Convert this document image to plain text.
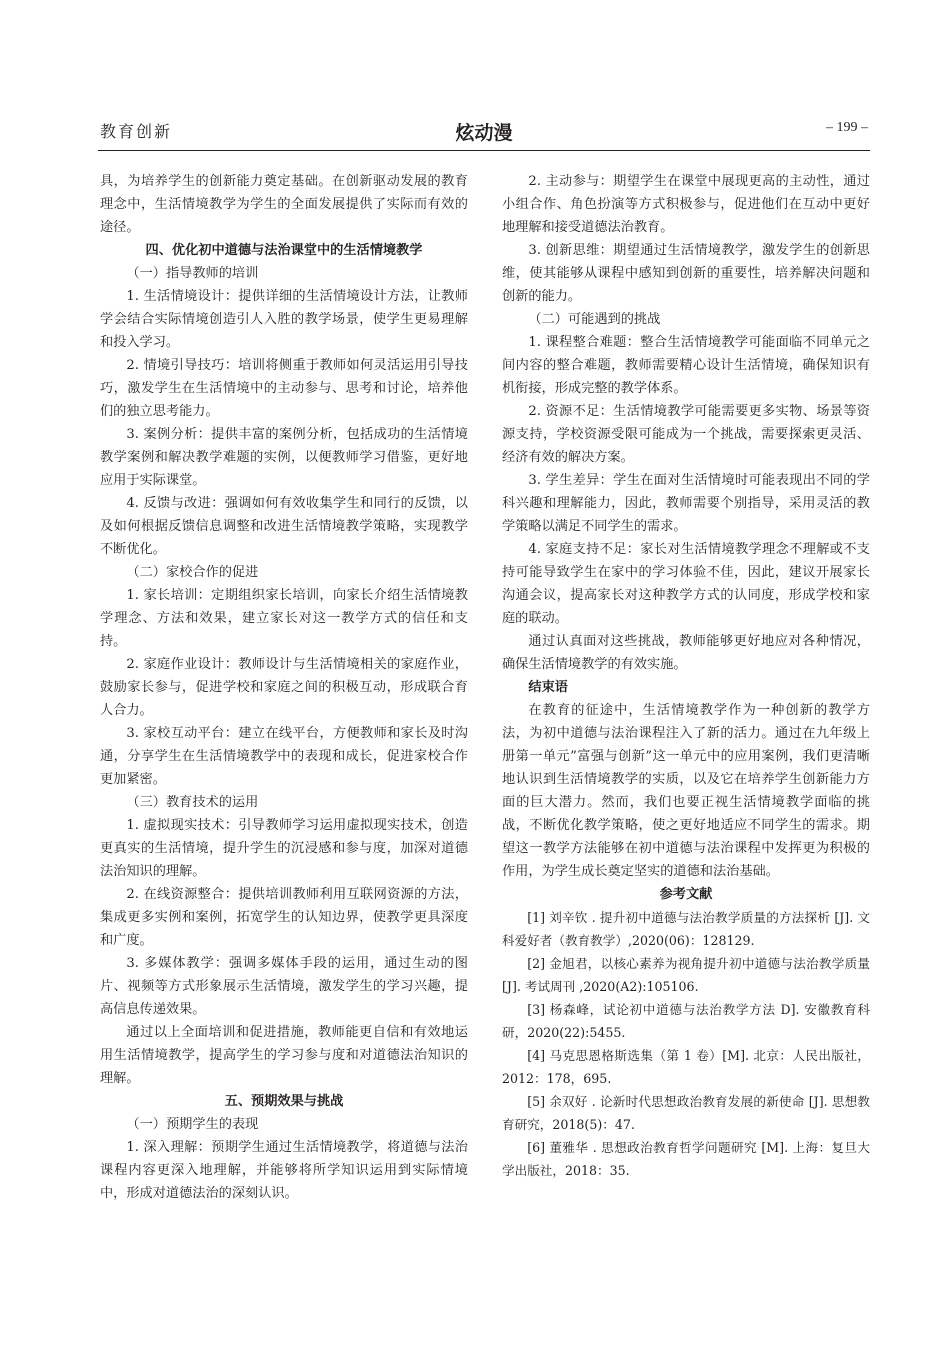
教育创新	炫动漫	– 199 –

具，为培养学生的创新能力奠定基础。在创新驱动发展的教育理念中，生活情境教学为学生的全面发展提供了实际而有效的途径。

四、优化初中道德与法治课堂中的生活情境教学

（一）指导教师的培训

1. 生活情境设计：提供详细的生活情境设计方法，让教师学会结合实际情境创造引人入胜的教学场景，使学生更易理解和投入学习。

2. 情境引导技巧：培训将侧重于教师如何灵活运用引导技巧，激发学生在生活情境中的主动参与、思考和讨论，培养他们的独立思考能力。

3. 案例分析：提供丰富的案例分析，包括成功的生活情境教学案例和解决教学难题的实例，以便教师学习借鉴，更好地应用于实际课堂。

4. 反馈与改进：强调如何有效收集学生和同行的反馈，以及如何根据反馈信息调整和改进生活情境教学策略，实现教学不断优化。

（二）家校合作的促进

1. 家长培训：定期组织家长培训，向家长介绍生活情境教学理念、方法和效果，建立家长对这一教学方式的信任和支持。

2. 家庭作业设计：教师设计与生活情境相关的家庭作业，鼓励家长参与，促进学校和家庭之间的积极互动，形成联合育人合力。

3. 家校互动平台：建立在线平台，方便教师和家长及时沟通，分享学生在生活情境教学中的表现和成长，促进家校合作更加紧密。

（三）教育技术的运用

1. 虚拟现实技术：引导教师学习运用虚拟现实技术，创造更真实的生活情境，提升学生的沉浸感和参与度，加深对道德法治知识的理解。

2. 在线资源整合：提供培训教师利用互联网资源的方法，集成更多实例和案例，拓宽学生的认知边界，使教学更具深度和广度。

3. 多媒体教学：强调多媒体手段的运用，通过生动的图片、视频等方式形象展示生活情境，激发学生的学习兴趣，提高信息传递效果。

通过以上全面培训和促进措施，教师能更自信和有效地运用生活情境教学，提高学生的学习参与度和对道德法治知识的理解。

五、预期效果与挑战

（一）预期学生的表现

1. 深入理解：预期学生通过生活情境教学，将道德与法治课程内容更深入地理解，并能够将所学知识运用到实际情境中，形成对道德法治的深刻认识。

2. 主动参与：期望学生在课堂中展现更高的主动性，通过小组合作、角色扮演等方式积极参与，促进他们在互动中更好地理解和接受道德法治教育。

3. 创新思维：期望通过生活情境教学，激发学生的创新思维，使其能够从课程中感知到创新的重要性，培养解决问题和创新的能力。

（二）可能遇到的挑战

1. 课程整合难题：整合生活情境教学可能面临不同单元之间内容的整合难题，教师需要精心设计生活情境，确保知识有机衔接，形成完整的教学体系。

2. 资源不足：生活情境教学可能需要更多实物、场景等资源支持，学校资源受限可能成为一个挑战，需要探索更灵活、经济有效的解决方案。

3. 学生差异：学生在面对生活情境时可能表现出不同的学科兴趣和理解能力，因此，教师需要个别指导，采用灵活的教学策略以满足不同学生的需求。

4. 家庭支持不足：家长对生活情境教学理念不理解或不支持可能导致学生在家中的学习体验不佳，因此，建议开展家长沟通会议，提高家长对这种教学方式的认同度，形成学校和家庭的联动。

通过认真面对这些挑战，教师能够更好地应对各种情况，确保生活情境教学的有效实施。

结束语

在教育的征途中，生活情境教学作为一种创新的教学方法，为初中道德与法治课程注入了新的活力。通过在九年级上册第一单元”富强与创新”这一单元中的应用案例，我们更清晰地认识到生活情境教学的实质，以及它在培养学生创新能力方面的巨大潜力。然而，我们也要正视生活情境教学面临的挑战，不断优化教学策略，使之更好地适应不同学生的需求。期望这一教学方法能够在初中道德与法治课程中发挥更为积极的作用，为学生成长奠定坚实的道德和法治基础。

参考文献

[1] 刘辛钦 . 提升初中道德与法治教学质量的方法探析 [J]. 文科爱好者（教育教学）,2020(06)：128129.

[2] 金旭君，以核心素养为视角提升初中道德与法治教学质量 [J]. 考试周刊 ,2020(A2):105106.

[3] 杨森峰，试论初中道德与法治教学方法 D]. 安徽教育科研，2020(22):5455.

[4] 马克思恩格斯选集（第 1 卷）[M]. 北京：人民出版社，2012：178，695.

[5] 余双好 . 论新时代思想政治教育发展的新使命 [J]. 思想教育研究，2018(5)：47.

[6] 董雅华 . 思想政治教育哲学问题研究 [M]. 上海：复旦大学出版社，2018：35.
